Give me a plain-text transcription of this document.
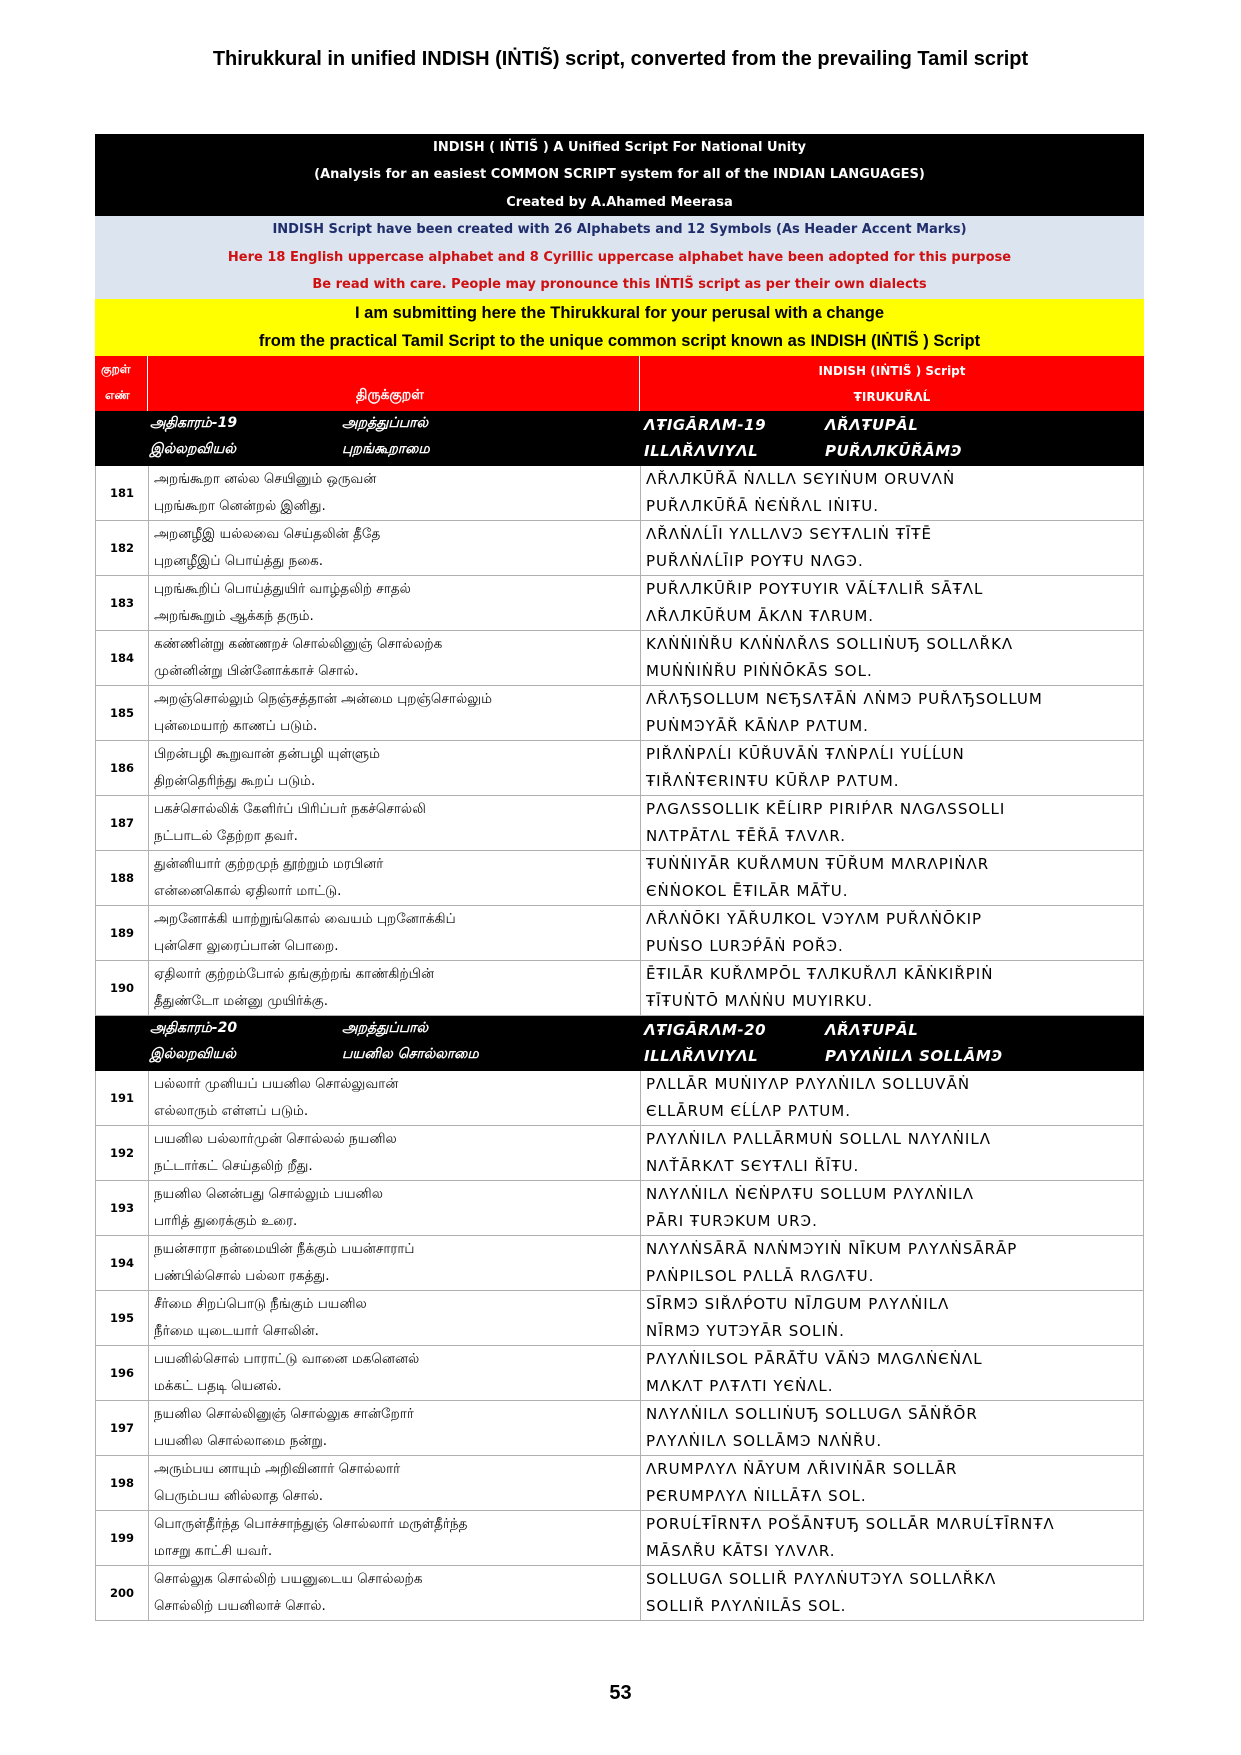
Thirukkural in unified INDISH (IṄTIS̃) script, converted from the prevailing Tamil script
INDISH ( IṄTIS̃ ) A Unified Script For National Unity
(Analysis for an easiest COMMON SCRIPT system for all of the INDIAN LANGUAGES)
Created by A.Ahamed Meerasa
INDISH Script have been created with 26 Alphabets and 12 Symbols (As Header Accent Marks)
Here 18 English uppercase alphabet and 8 Cyrillic uppercase alphabet have been adopted for this purpose
Be read with care. People may pronounce this IṄTIS̃ script as per their own dialects
I am submitting here the Thirukkural for your perusal with a change
from the practical Tamil Script to the unique common script known as INDISH (IṄTIS̃ ) Script
குறள்
எண்	திருக்குறள்
INDISH (IṄTIS̃ ) Script
ŦIRUKUŘΛĹ
அதிகாரம்-19	அறத்துப்பால்
இல்லறவியல்	புறங்கூறாமை
ΛŦIGĀRΛM-19	ΛŘΛŦUPĀL
ILLΛŘΛVIYΛL	PUŘΛЛKŪŘĀMϿ
181
அறங்கூறா னல்ல செயினும் ஒருவன்
புறங்கூறா னென்றல் இனிது.
ΛŘΛЛKŪŘĀ ṄΛLLΛ SЄYIṄUM ORUVΛṄ
PUŘΛЛKŪŘĀ ṄЄṄŘΛL IṄIŦU.
182
அறனழீஇ யல்லவை செய்தலின் தீதே
புறனழீஇப் பொய்த்து நகை.
ΛŘΛṄΛĹĪI YΛLLΛVϿ SЄYŦΛLIṄ ŦĪŦĒ
PUŘΛṄΛĹĪIP POYŦU NΛGϿ.
183
புறங்கூறிப் பொய்த்துயிர் வாழ்தலிற் சாதல்
அறங்கூறும் ஆக்கந் தரும்.
PUŘΛЛKŪŘIP POYŦUYIR VĀĹŦΛLIŘ SĀŦΛL
ΛŘΛЛKŪŘUM ĀKΛN ŦΛRUM.
184
கண்ணின்று கண்ணறச் சொல்லினுஞ் சொல்லற்க
முன்னின்று பின்னோக்காச் சொல்.
KΛṄṄIṄŘU KΛṄṄΛŘΛS SOLLIṄUЂ SOLLΛŘKΛ
MUṄṄIṄŘU PIṄṄŌKĀS SOL.
185
அறஞ்சொல்லும் நெஞ்சத்தான் அன்மை புறஞ்சொல்லும்
புன்மையாற் காணப் படும்.
ΛŘΛЂSOLLUM NЄЂSΛŦĀṄ ΛṄMϿ PUŘΛЂSOLLUM
PUṄMϿYĀŘ KĀṄΛP PΛTUM.
186
பிறன்பழி கூறுவான் தன்பழி யுள்ளும்
திறன்தெரிந்து கூறப் படும்.
PIŘΛṄPΛĹI KŪŘUVĀṄ ŦΛṄPΛĹI YUĹĹUN
ŦIŘΛṄŦЄRINŦU KŪŘΛP PΛTUM.
187
பகச்சொல்லிக் கேளிர்ப் பிரிப்பர் நகச்சொல்லி
நட்பாடல் தேற்றா தவர்.
PΛGΛSSOLLIK KĒĹIRP PIRIṔΛR NΛGΛSSOLLI
NΛTPĀTΛL ŦĒŘĀ ŦΛVΛR.
188
துன்னியார் குற்றமுந் தூற்றும் மரபினர்
என்னைகொல் ஏதிலார் மாட்டு.
ŦUṄṄIYĀR KUŘΛMUN ŦŪŘUM MΛRΛPIṄΛR
ЄṄṄOKOL ĒŦILĀR MĀŤU.
189
அறனோக்கி யாற்றுங்கொல் வையம் புறனோக்கிப்
புன்சொ லுரைப்பான் பொறை.
ΛŘΛṄŌKI YĀŘUЛKOL VϿYΛM PUŘΛṄŌKIP
PUṄSO LURϿṔĀṄ POŘϿ.
190
ஏதிலார் குற்றம்போல் தங்குற்றங் காண்கிற்பின்
தீதுண்டோ மன்னு முயிர்க்கு.
ĒŦILĀR KUŘΛMPŌL ŦΛЛKUŘΛЛ KĀṄKIŘPIṄ
ŦĪŦUṄTŌ MΛṄṄU MUYIRKU.
அதிகாரம்-20	அறத்துப்பால்
இல்லறவியல்	பயனில சொல்லாமை
ΛŦIGĀRΛM-20	ΛŘΛŦUPĀL
ILLΛŘΛVIYΛL	PΛYΛṄILΛ SOLLĀMϿ
191
பல்லார் முனியப் பயனில சொல்லுவான்
எல்லாரும் எள்ளப் படும்.
PΛLLĀR MUṄIYΛP PΛYΛṄILΛ SOLLUVĀṄ
ЄLLĀRUM ЄĹĹΛP PΛTUM.
192
பயனில பல்லார்முன் சொல்லல் நயனில
நட்டார்கட் செய்தலிற் றீது.
PΛYΛṄILΛ PΛLLĀRMUṄ SOLLΛL NΛYΛṄILΛ
NΛŤĀRKΛT SЄYŦΛLI ŘĪŦU.
193
நயனில னென்பது சொல்லும் பயனில
பாரித் துரைக்கும் உரை.
NΛYΛṄILΛ ṄЄṄPΛŦU SOLLUM PΛYΛṄILΛ
PĀRI ŦURϿKUM URϿ.
194
நயன்சாரா நன்மையின் நீக்கும் பயன்சாராப்
பண்பில்சொல் பல்லா ரகத்து.
NΛYΛṄSĀRĀ NΛṄMϿYIṄ NĪKUM PΛYΛṄSĀRĀP
PΛṄPILSOL PΛLLĀ RΛGΛŦU.
195
சீர்மை சிறப்பொடு நீங்கும் பயனில
நீர்மை யுடையார் சொலின்.
SĪRMϿ SIŘΛṔOTU NĪЛGUM PΛYΛṄILΛ
NĪRMϿ YUTϿYĀR SOLIṄ.
196
பயனில்சொல் பாராட்டு வானை மகனெனல்
மக்கட் பதடி யெனல்.
PΛYΛṄILSOL PĀRĀŤU VĀṄϿ MΛGΛṄЄṄΛL
MΛKΛT PΛŦΛTI YЄṄΛL.
197
நயனில சொல்லினுஞ் சொல்லுக சான்றோர்
பயனில சொல்லாமை நன்று.
NΛYΛṄILΛ SOLLIṄUЂ SOLLUGΛ SĀṄŘŌR
PΛYΛṄILΛ SOLLĀMϿ NΛṄŘU.
198
அரும்பய னாயும் அறிவினார் சொல்லார்
பெரும்பய னில்லாத சொல்.
ΛRUMPΛYΛ ṄĀYUM ΛŘIVIṄĀR SOLLĀR
PЄRUMPΛYΛ ṄILLĀŦΛ SOL.
199
பொருள்தீர்ந்த பொச்சாந்துஞ் சொல்லார் மருள்தீர்ந்த
மாசறு காட்சி யவர்.
PORUĹŦĪRNŦΛ POŠĀNŦUЂ SOLLĀR MΛRUĹŦĪRNŦΛ
MĀSΛŘU KĀTSI YΛVΛR.
200
சொல்லுக சொல்லிற் பயனுடைய சொல்லற்க
சொல்லிற் பயனிலாச் சொல்.
SOLLUGΛ SOLLIŘ PΛYΛṄUTϿYΛ SOLLΛŘKΛ
SOLLIŘ PΛYΛṄILĀS SOL.
53
